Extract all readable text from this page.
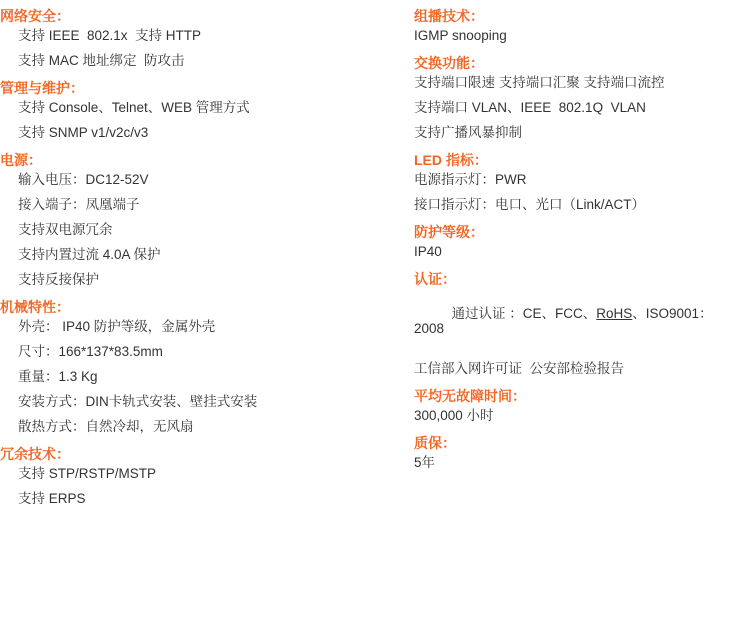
网络安全：
支持 IEEE  802.1x  支持 HTTP
支持 MAC 地址绑定  防攻击
管理与维护：
支持 Console、Telnet、WEB 管理方式
支持 SNMP v1/v2c/v3
电源：
输入电压：DC12-52V
接入端子：凤凰端子
支持双电源冗余
支持内置过流 4.0A 保护
支持反接保护
机械特性：
外壳： IP40 防护等级，金属外壳
尺寸：166*137*83.5mm
重量：1.3 Kg
安装方式：DIN卡轨式安装、壁挂式安装
散热方式：自然冷却，无风扇
冗余技术：
支持 STP/RSTP/MSTP
支持 ERPS
组播技术：
IGMP snooping
交换功能：
支持端口限速 支持端口汇聚 支持端口流控
支持端口 VLAN、IEEE  802.1Q  VLAN
支持广播风暴抑制
LED 指标：
电源指示灯：PWR
接口指示灯：电口、光口（Link/ACT）
防护等级：
IP40
认证：

通过认证 ：CE、FCC、RoHS、ISO9001：2008

工信部入网许可证  公安部检验报告
平均无故障时间：
300,000 小时
质保：
5年
